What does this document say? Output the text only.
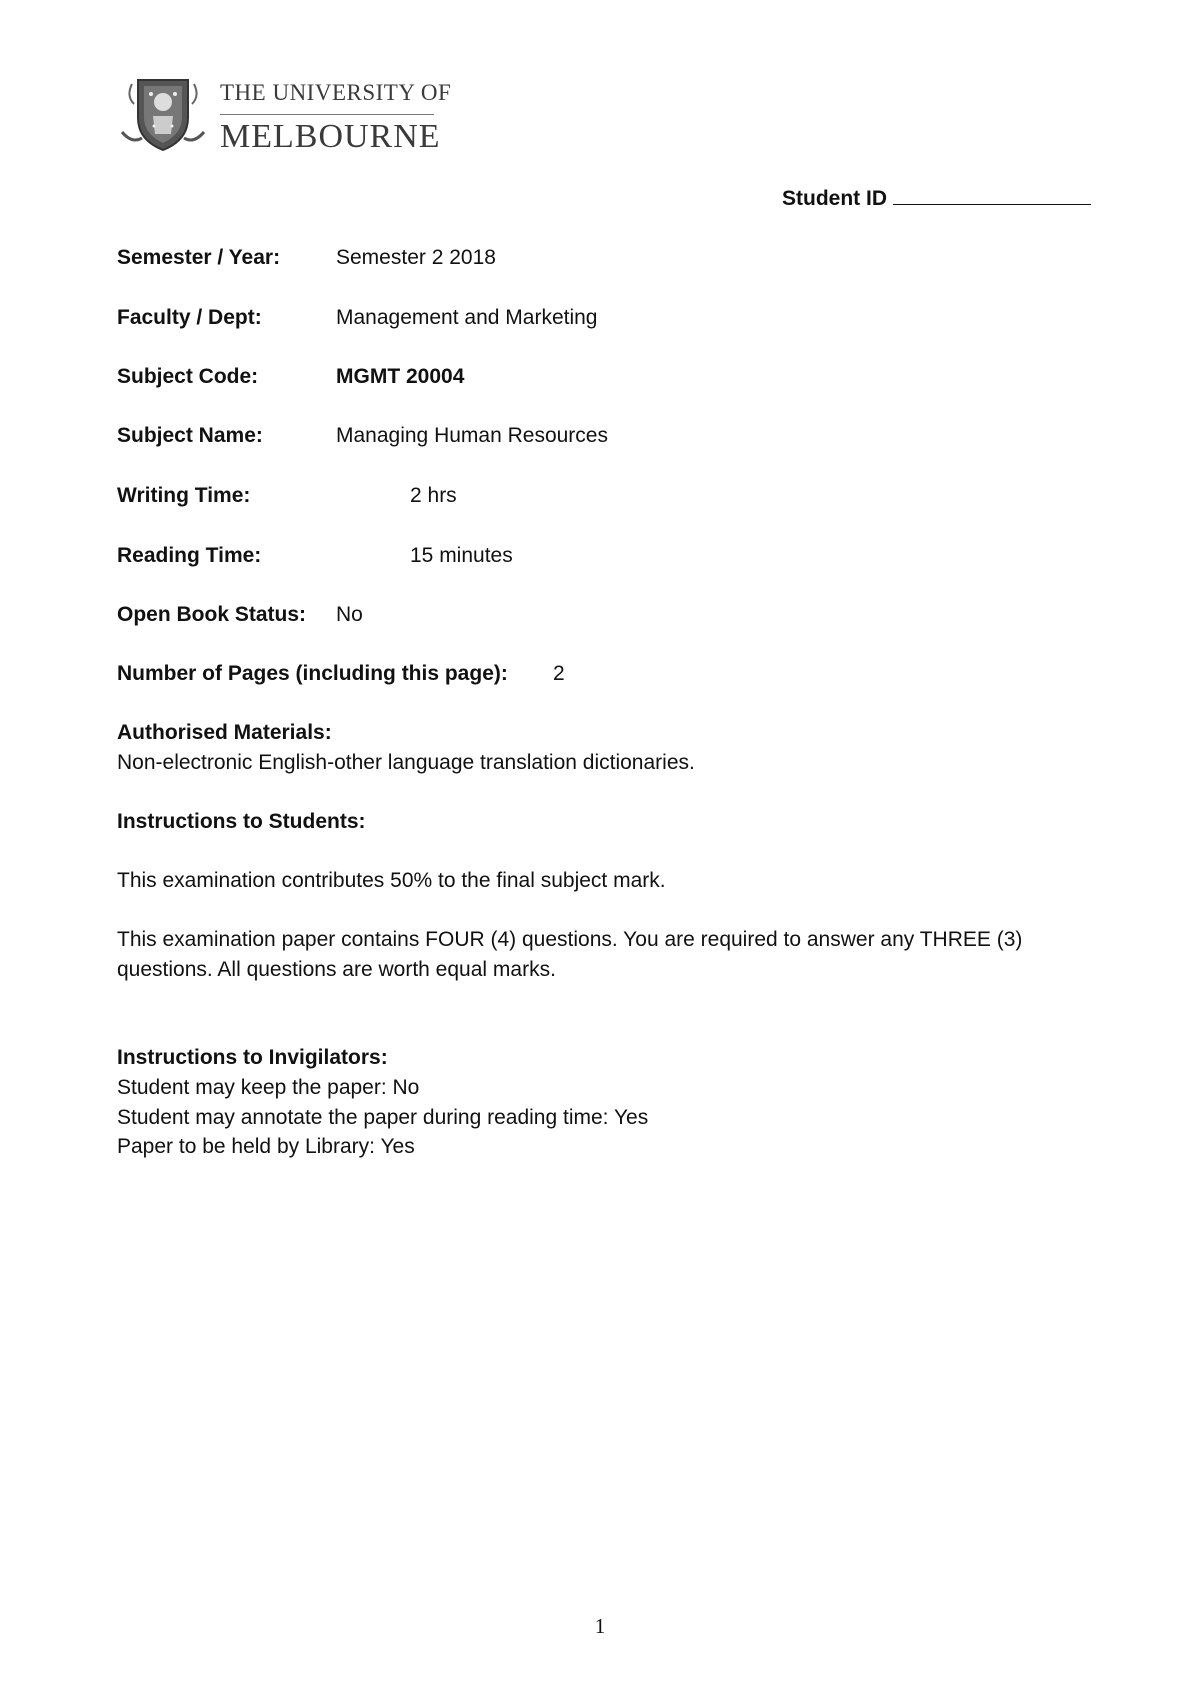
THE UNIVERSITY OF
MELBOURNE
Student ID
Semester / Year:	Semester 2 2018
Faculty / Dept:	Management and Marketing
Subject Code:	MGMT 20004
Subject Name:	Managing Human Resources
Writing Time:	2 hrs
Reading Time:	15 minutes
Open Book Status: No
Number of Pages (including this page): 2
Authorised Materials:
Non-electronic English-other language translation dictionaries.
Instructions to Students:
This examination contributes 50% to the final subject mark.
This examination paper contains FOUR (4) questions. You are required to answer any THREE (3) questions. All questions are worth equal marks.
Instructions to Invigilators:
Student may keep the paper: No
Student may annotate the paper during reading time: Yes
Paper to be held by Library: Yes
1
